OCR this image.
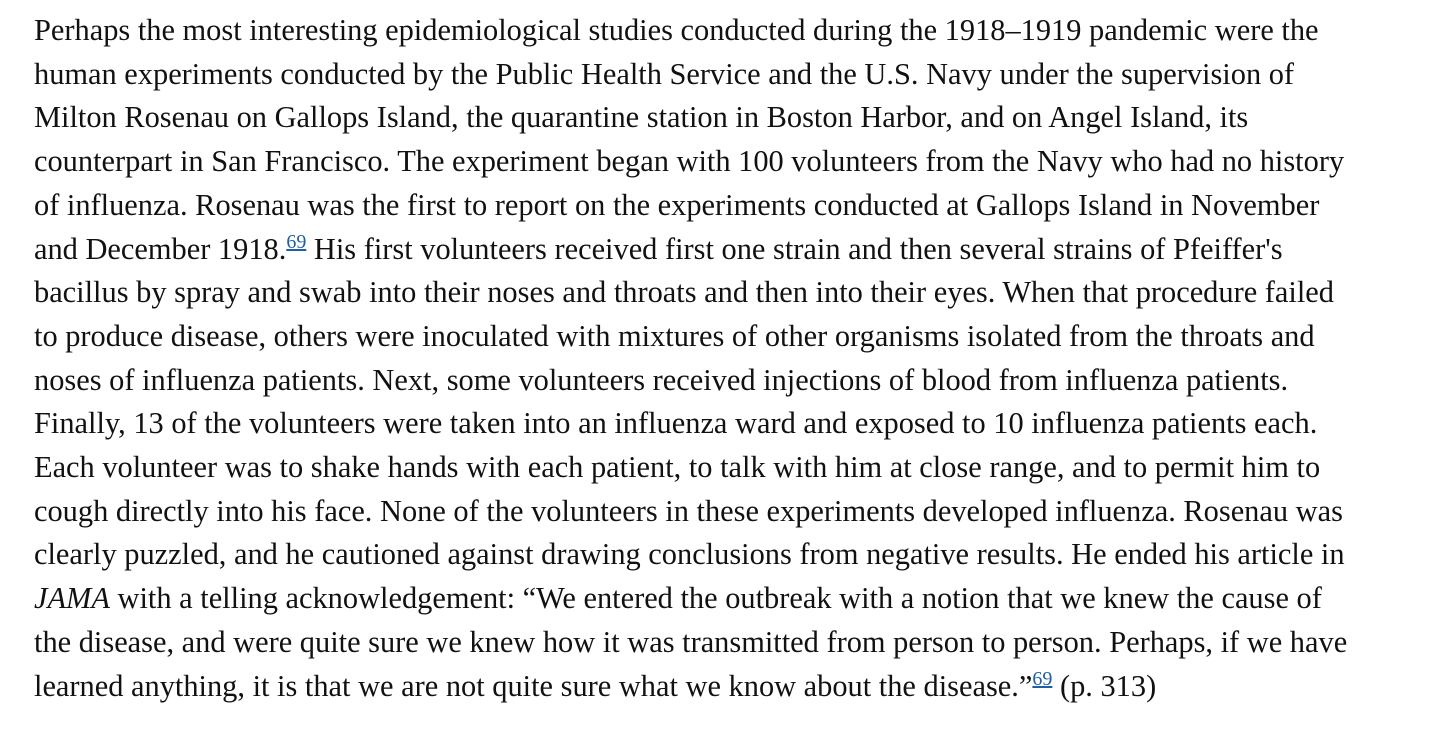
Perhaps the most interesting epidemiological studies conducted during the 1918–1919 pandemic were the
human experiments conducted by the Public Health Service and the U.S. Navy under the supervision of
Milton Rosenau on Gallops Island, the quarantine station in Boston Harbor, and on Angel Island, its
counterpart in San Francisco. The experiment began with 100 volunteers from the Navy who had no history
of influenza. Rosenau was the first to report on the experiments conducted at Gallops Island in November
and December 1918.69 His first volunteers received first one strain and then several strains of Pfeiffer's
bacillus by spray and swab into their noses and throats and then into their eyes. When that procedure failed
to produce disease, others were inoculated with mixtures of other organisms isolated from the throats and
noses of influenza patients. Next, some volunteers received injections of blood from influenza patients.
Finally, 13 of the volunteers were taken into an influenza ward and exposed to 10 influenza patients each.
Each volunteer was to shake hands with each patient, to talk with him at close range, and to permit him to
cough directly into his face. None of the volunteers in these experiments developed influenza. Rosenau was
clearly puzzled, and he cautioned against drawing conclusions from negative results. He ended his article in
JAMA with a telling acknowledgement: “We entered the outbreak with a notion that we knew the cause of
the disease, and were quite sure we knew how it was transmitted from person to person. Perhaps, if we have
learned anything, it is that we are not quite sure what we know about the disease.”$^{69}$ (p. 313)
